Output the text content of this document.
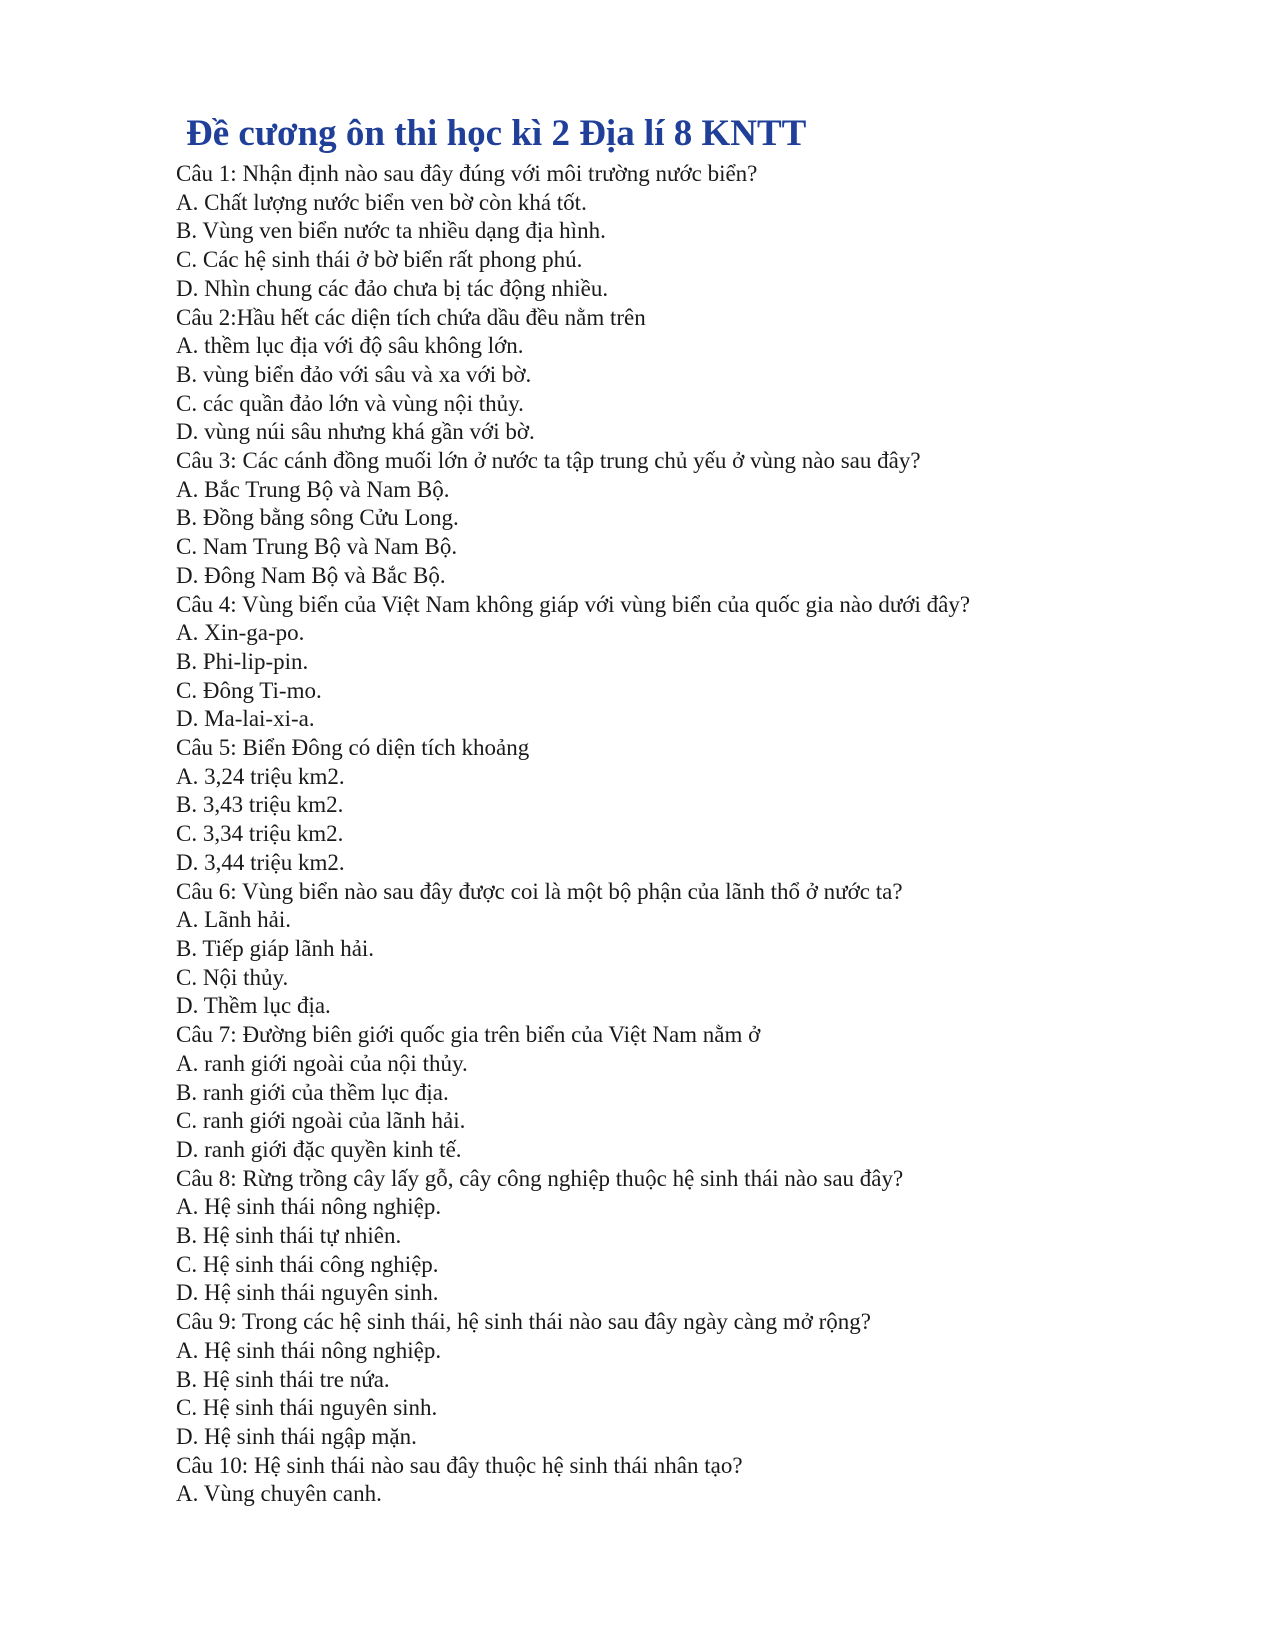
Đề cương ôn thi học kì 2 Địa lí 8 KNTT

Câu 1: Nhận định nào sau đây đúng với môi trường nước biển?

A. Chất lượng nước biển ven bờ còn khá tốt.

B. Vùng ven biển nước ta nhiều dạng địa hình.

C. Các hệ sinh thái ở bờ biển rất phong phú.

D. Nhìn chung các đảo chưa bị tác động nhiều.

Câu 2:Hầu hết các diện tích chứa dầu đều nằm trên

A. thềm lục địa với độ sâu không lớn.

B. vùng biển đảo với sâu và xa với bờ.

C. các quần đảo lớn và vùng nội thủy.

D. vùng núi sâu nhưng khá gần với bờ.

Câu 3: Các cánh đồng muối lớn ở nước ta tập trung chủ yếu ở vùng nào sau đây?

A. Bắc Trung Bộ và Nam Bộ.

B. Đồng bằng sông Cửu Long.

C. Nam Trung Bộ và Nam Bộ.

D. Đông Nam Bộ và Bắc Bộ.

Câu 4: Vùng biển của Việt Nam không giáp với vùng biển của quốc gia nào dưới đây?

A. Xin-ga-po.

B. Phi-lip-pin.

C. Đông Ti-mo.

D. Ma-lai-xi-a.

Câu 5: Biển Đông có diện tích khoảng

A. 3,24 triệu km2.

B. 3,43 triệu km2.

C. 3,34 triệu km2.

D. 3,44 triệu km2.

Câu 6: Vùng biển nào sau đây được coi là một bộ phận của lãnh thổ ở nước ta?

A. Lãnh hải.

B. Tiếp giáp lãnh hải.

C. Nội thủy.

D. Thềm lục địa.

Câu 7: Đường biên giới quốc gia trên biển của Việt Nam nằm ở

A. ranh giới ngoài của nội thủy.

B. ranh giới của thềm lục địa.

C. ranh giới ngoài của lãnh hải.

D. ranh giới đặc quyền kinh tế.

Câu 8: Rừng trồng cây lấy gỗ, cây công nghiệp thuộc hệ sinh thái nào sau đây?

A. Hệ sinh thái nông nghiệp.

B. Hệ sinh thái tự nhiên.

C. Hệ sinh thái công nghiệp.

D. Hệ sinh thái nguyên sinh.

Câu 9: Trong các hệ sinh thái, hệ sinh thái nào sau đây ngày càng mở rộng?

A. Hệ sinh thái nông nghiệp.

B. Hệ sinh thái tre nứa.

C. Hệ sinh thái nguyên sinh.

D. Hệ sinh thái ngập mặn.

Câu 10: Hệ sinh thái nào sau đây thuộc hệ sinh thái nhân tạo?

A. Vùng chuyên canh.
